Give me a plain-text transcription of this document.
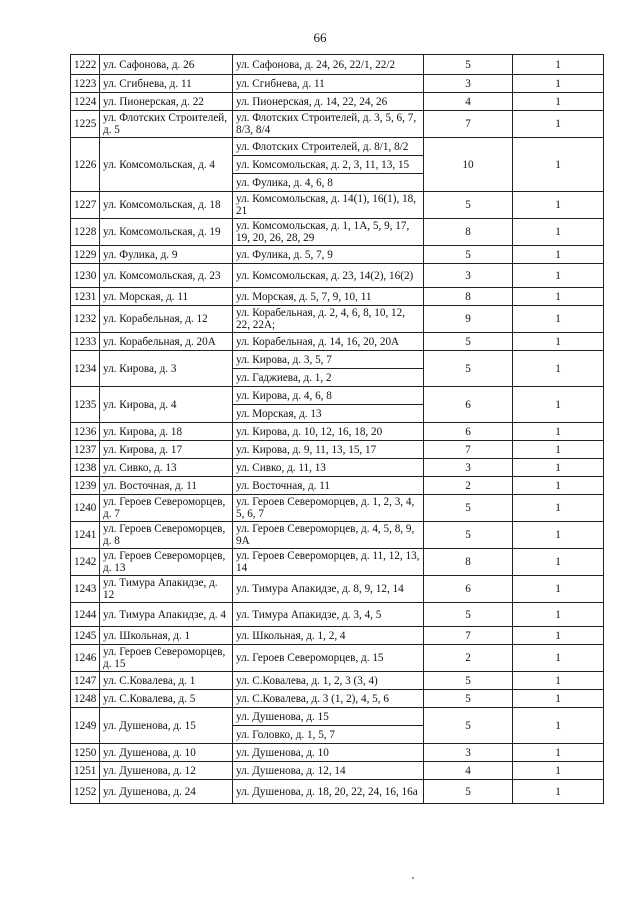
66
1222	ул. Сафонова, д. 26	ул. Сафонова, д. 24, 26, 22/1, 22/2	5	1
1223	ул. Сгибнева, д. 11	ул. Сгибнева, д. 11	3	1
1224	ул. Пионерская, д. 22	ул. Пионерская, д. 14, 22, 24, 26	4	1
1225	ул. Флотских Строителей, д. 5	ул. Флотских Строителей, д. 3, 5, 6, 7, 8/3, 8/4	7	1
1226	ул. Комсомольская, д. 4	ул. Флотских Строителей, д. 8/1, 8/2	10	1
		ул. Комсомольская, д. 2, 3, 11, 13, 15		
		ул. Фулика, д. 4, 6, 8		
1227	ул. Комсомольская, д. 18	ул. Комсомольская, д. 14(1), 16(1), 18, 21	5	1
1228	ул. Комсомольская, д. 19	ул. Комсомольская, д. 1, 1А, 5, 9, 17, 19, 20, 26, 28, 29	8	1
1229	ул. Фулика, д. 9	ул. Фулика, д. 5, 7, 9	5	1
1230	ул. Комсомольская, д. 23	ул. Комсомольская, д. 23, 14(2), 16(2)	3	1
1231	ул. Морская, д. 11	ул. Морская, д. 5, 7, 9, 10, 11	8	1
1232	ул. Корабельная, д. 12	ул. Корабельная, д. 2, 4, 6, 8, 10, 12, 22, 22А;	9	1
1233	ул. Корабельная, д. 20А	ул. Корабельная, д. 14, 16, 20, 20А	5	1
1234	ул. Кирова, д. 3	ул. Кирова, д. 3, 5, 7	5	1
		ул. Гаджиева, д. 1, 2		
1235	ул. Кирова, д. 4	ул. Кирова, д. 4, 6, 8	6	1
		ул. Морская, д. 13		
1236	ул. Кирова, д. 18	ул. Кирова, д. 10, 12, 16, 18, 20	6	1
1237	ул. Кирова, д. 17	ул. Кирова, д. 9, 11, 13, 15, 17	7	1
1238	ул. Сивко, д. 13	ул. Сивко, д. 11, 13	3	1
1239	ул. Восточная, д. 11	ул. Восточная, д. 11	2	1
1240	ул. Героев Североморцев, д. 7	ул. Героев Североморцев, д. 1, 2, 3, 4, 5, 6, 7	5	1
1241	ул. Героев Североморцев, д. 8	ул. Героев Североморцев, д. 4, 5, 8, 9, 9А	5	1
1242	ул. Героев Североморцев, д. 13	ул. Героев Североморцев, д. 11, 12, 13, 14	8	1
1243	ул. Тимура Апакидзе, д. 12	ул. Тимура Апакидзе, д. 8, 9, 12, 14	6	1
1244	ул. Тимура Апакидзе, д. 4	ул. Тимура Апакидзе, д. 3, 4, 5	5	1
1245	ул. Школьная, д. 1	ул. Школьная, д. 1, 2, 4	7	1
1246	ул. Героев Североморцев, д. 15	ул. Героев Североморцев, д. 15	2	1
1247	ул. С.Ковалева, д. 1	ул. С.Ковалева, д. 1, 2, 3 (3, 4)	5	1
1248	ул. С.Ковалева, д. 5	ул. С.Ковалева, д. 3 (1, 2), 4, 5, 6	5	1
1249	ул. Душенова, д. 15	ул. Душенова, д. 15	5	1
		ул. Головко, д. 1, 5, 7		
1250	ул. Душенова, д. 10	ул. Душенова, д. 10	3	1
1251	ул. Душенова, д. 12	ул. Душенова, д. 12, 14	4	1
1252	ул. Душенова, д. 24	ул. Душенова, д. 18, 20, 22, 24, 16, 16а	5	1
